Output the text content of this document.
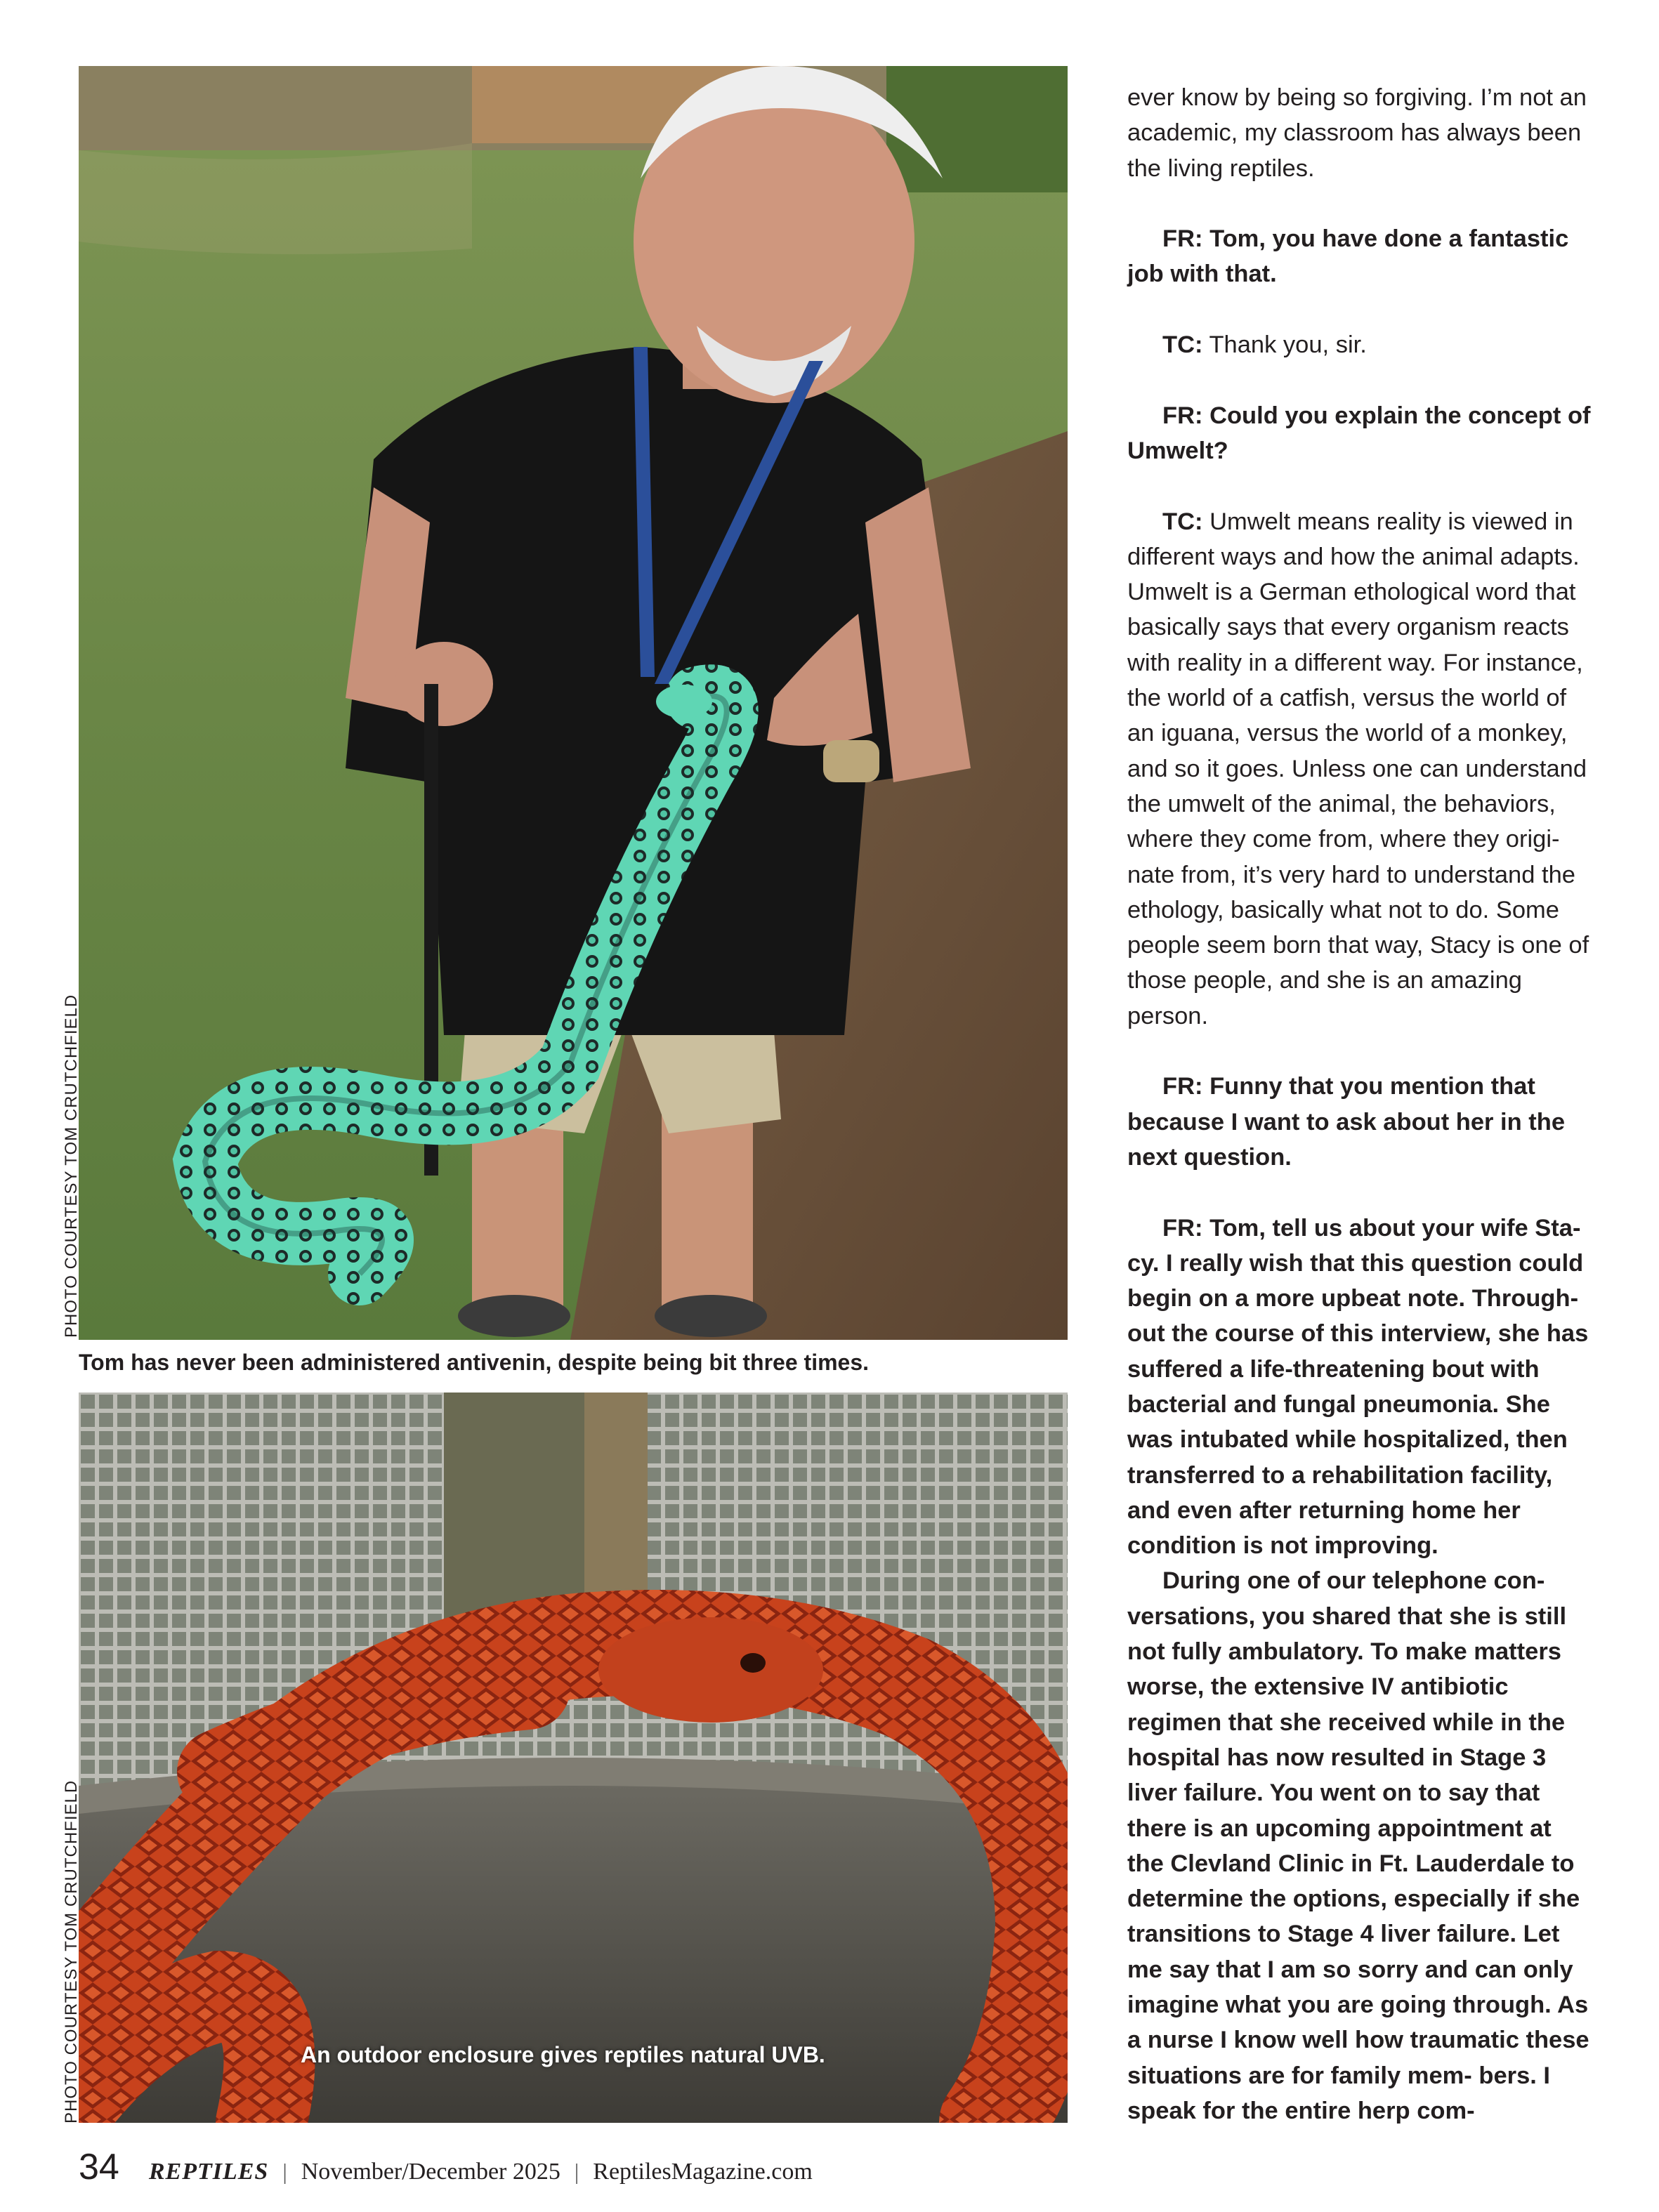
PHOTO COURTESY TOM CRUTCHFIELD
Tom has never been administered antivenin, despite being bit three times.
PHOTO COURTESY TOM CRUTCHFIELD	An outdoor enclosure gives reptiles natural UVB.

ever know by being so forgiving. I’m not an academic, my classroom has always been the living reptiles.

FR: Tom, you have done a fantastic job with that.

TC: Thank you, sir.

FR: Could you explain the concept of Umwelt?

TC: Umwelt means reality is viewed in different ways and how the animal adapts. Umwelt is a German ethological word that basically says that every organism reacts with reality in a different way. For instance, the world of a catfish, versus the world of an iguana, versus the world of a monkey, and so it goes. Unless one can understand the umwelt of the animal, the behaviors, where they come from, where they origi- nate from, it’s very hard to understand the ethology, basically what not to do. Some people seem born that way, Stacy is one of those people, and she is an amazing person.

FR: Funny that you mention that because I want to ask about her in the next question.

FR: Tom, tell us about your wife Sta- cy. I really wish that this question could begin on a more upbeat note. Through- out the course of this interview, she has suffered a life-threatening bout with bacterial and fungal pneumonia. She was intubated while hospitalized, then transferred to a rehabilitation facility, and even after returning home her condition is not improving.

During one of our telephone con- versations, you shared that she is still not fully ambulatory. To make matters worse, the extensive IV antibiotic regimen that she received while in the hospital has now resulted in Stage 3 liver failure. You went on to say that there is an upcoming appointment at the Clevland Clinic in Ft. Lauderdale to determine the options, especially if she transitions to Stage 4 liver failure. Let me say that I am so sorry and can only imagine what you are going through. As a nurse I know well how traumatic these situations are for family mem- bers. I speak for the entire herp com-

34 REPTILES | November/December 2025 | ReptilesMagazine.com
